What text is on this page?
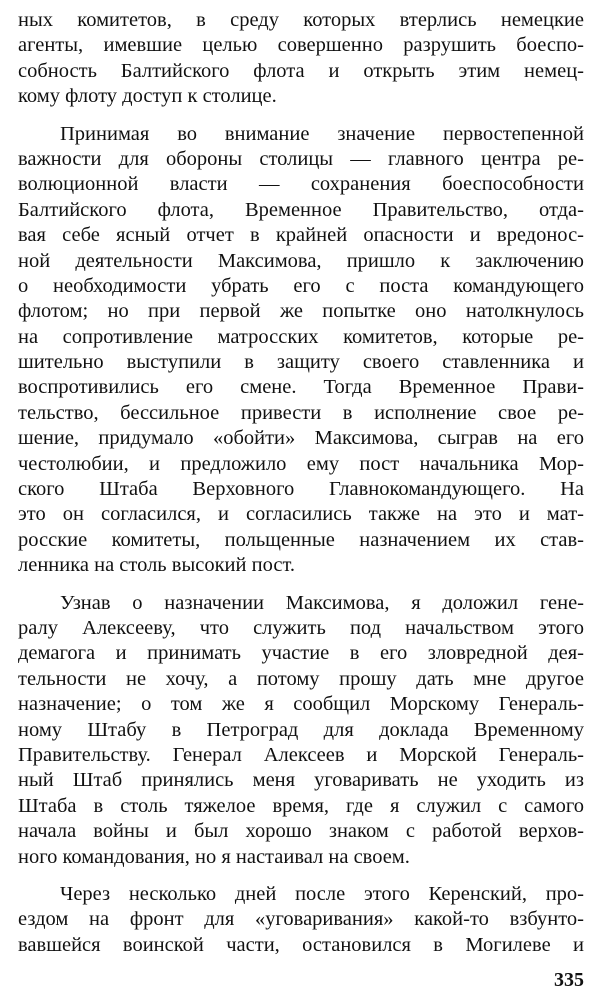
ных комитетов, в среду которых втерлись немецкие
агенты, имевшие целью совершенно разрушить боеспо-
собность Балтийского флота и открыть этим немец-
кому флоту доступ к столице.
Принимая во внимание значение первостепенной
важности для обороны столицы — главного центра ре-
волюционной власти — сохранения боеспособности
Балтийского флота, Временное Правительство, отда-
вая себе ясный отчет в крайней опасности и вредонос-
ной деятельности Максимова, пришло к заключению
о необходимости убрать его с поста командующего
флотом; но при первой же попытке оно натолкнулось
на сопротивление матросских комитетов, которые ре-
шительно выступили в защиту своего ставленника и
воспротивились его смене. Тогда Временное Прави-
тельство, бессильное привести в исполнение свое ре-
шение, придумало «обойти» Максимова, сыграв на его
честолюбии, и предложило ему пост начальника Мор-
ского Штаба Верховного Главнокомандующего. На
это он согласился, и согласились также на это и мат-
росские комитеты, польщенные назначением их став-
ленника на столь высокий пост.
Узнав о назначении Максимова, я доложил гене-
ралу Алексееву, что служить под начальством этого
демагога и принимать участие в его зловредной дея-
тельности не хочу, а потому прошу дать мне другое
назначение; о том же я сообщил Морскому Генераль-
ному Штабу в Петроград для доклада Временному
Правительству. Генерал Алексеев и Морской Генераль-
ный Штаб принялись меня уговаривать не уходить из
Штаба в столь тяжелое время, где я служил с самого
начала войны и был хорошо знаком с работой верхов-
ного командования, но я настаивал на своем.
Через несколько дней после этого Керенский, про-
ездом на фронт для «уговаривания» какой-то взбунто-
вавшейся воинской части, остановился в Могилеве и
335
